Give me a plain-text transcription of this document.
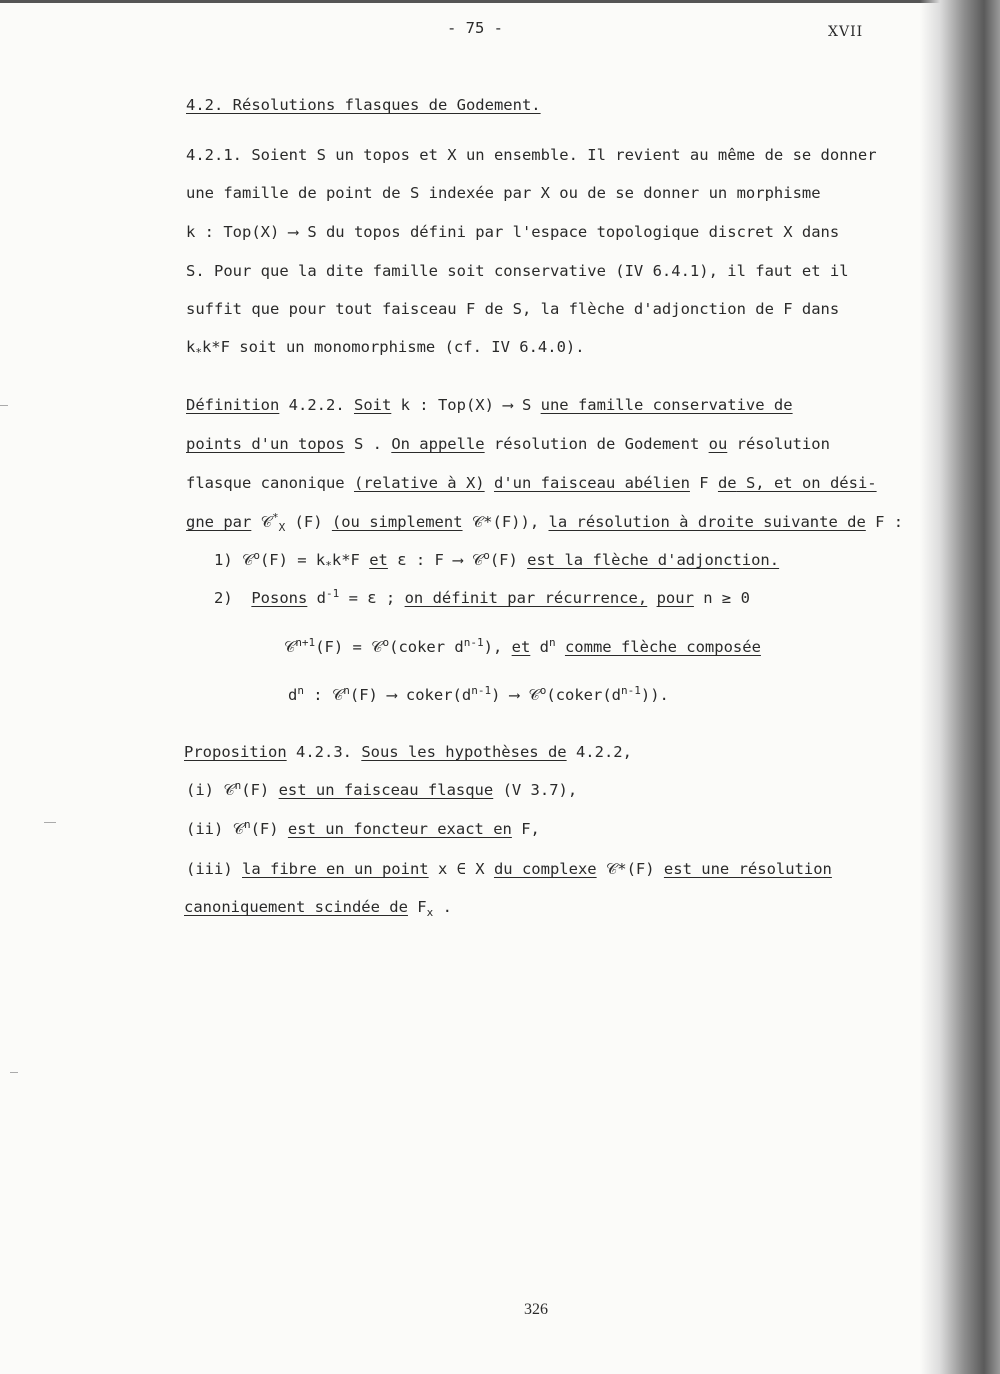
- 75 -	XVII
4.2. Résolutions flasques de Godement.
4.2.1. Soient S un topos et X un ensemble. Il revient au même de se donner
une famille de point de S indexée par X ou de se donner un morphisme
k : Top(X) ⟶ S du topos défini par l'espace topologique discret X dans
S. Pour que la dite famille soit conservative (IV 6.4.1), il faut et il
suffit que pour tout faisceau F de S, la flèche d'adjonction de F dans
$k_*k*F$ soit un monomorphisme (cf. IV 6.4.0).
Définition 4.2.2. Soit k : Top(X) ⟶ S une famille conservative de
points d'un topos S . On appelle résolution de Godement ou résolution
flasque canonique (relative à X) d'un faisceau abélien F de S, et on dési-
gne par 𝒞*$_X$ (F) (ou simplement 𝒞*(F)), la résolution à droite suivante de F :
1) 𝒞$^o$(F) = $k_*k*F$ et ε : F ⟶ 𝒞$^o$(F) est la flèche d'adjonction.
2) Posons $d^{-1} = \varepsilon$ ; on définit par récurrence, pour n ≥ 0
𝒞$^{n+1}$(F) = 𝒞$^o$(coker $d^{n-1}$), et $d^n$ comme flèche composée
$d^n$ : 𝒞$^n$(F) ⟶ $coker(d^{n-1})$ ⟶ $𝒞^o(coker(d^{n-1}))$.
Proposition 4.2.3. Sous les hypothèses de 4.2.2,
(i) 𝒞$^n$(F) est un faisceau flasque (V 3.7),
(ii) 𝒞$^n$(F) est un foncteur exact en F,
(iii) la fibre en un point x ∈ X du complexe 𝒞*(F) est une résolution
canoniquement scindée de $F_x$ .
326
